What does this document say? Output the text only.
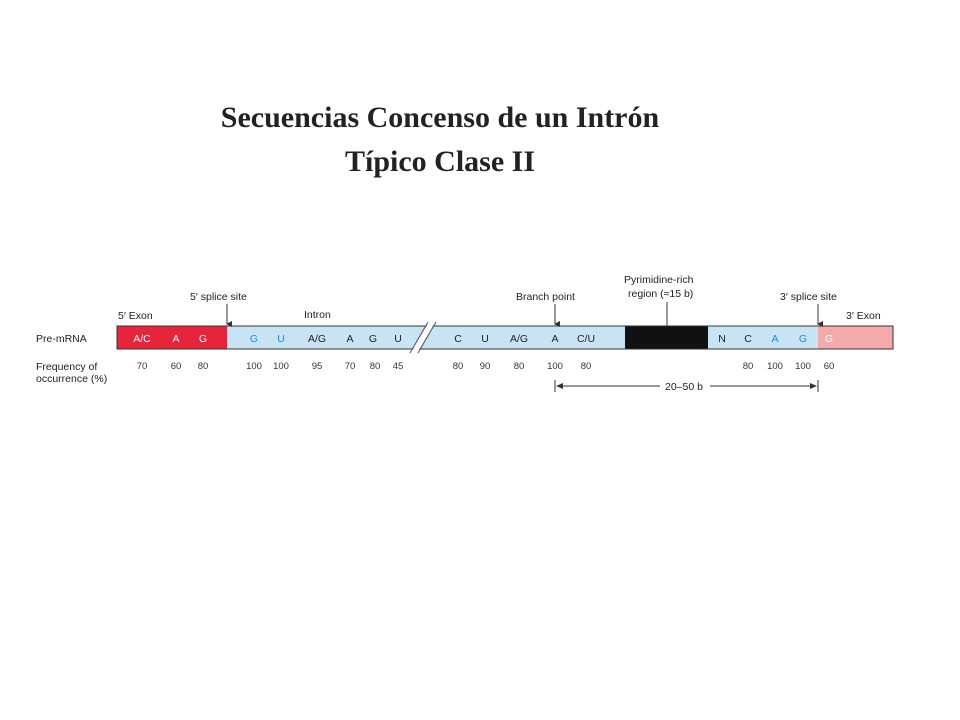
Secuencias Concenso de un Intrón
Típico Clase II
Pre-mRNA
Frequency of
occurrence (%)
5′ Exon
5′ splice site
Intron
Branch point
Pyrimidine-rich
region (≈15 b)	3′ splice site
3′ Exon
A/C A G	G U A/G A G U	C U A/G A C/U	N C A G G
70 60 80	100 100 95 70 80 45	80 90 80 100 80	80 100 100 60
20–50 b
